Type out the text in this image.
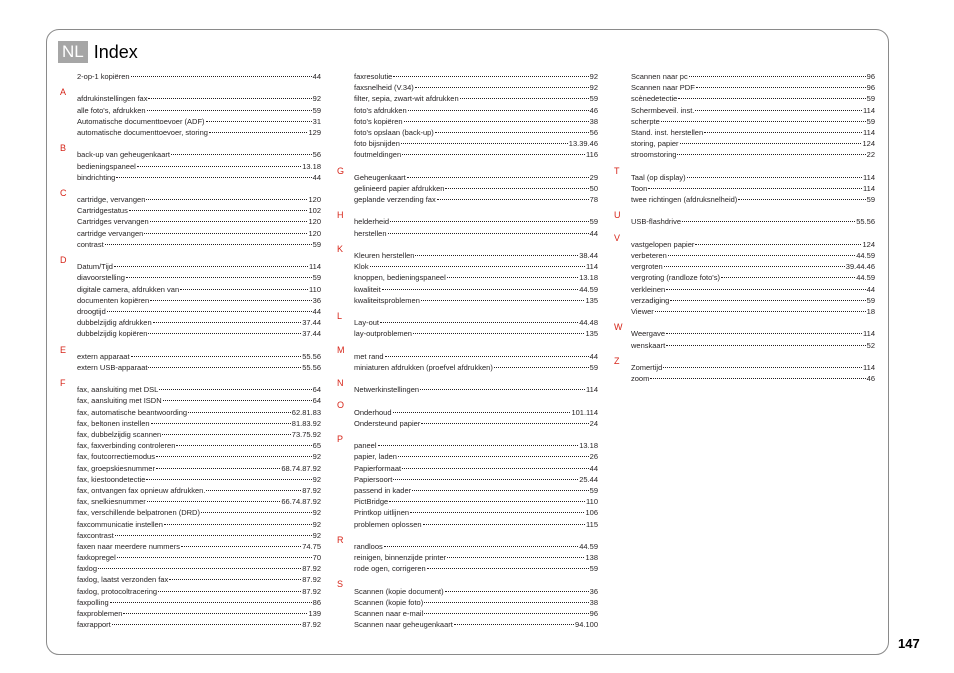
NL Index
2-op-1 kopiëren	44
A
afdrukinstellingen fax	92
alle foto's, afdrukken	59
Automatische documenttoevoer (ADF)	31
automatische documenttoevoer, storing	129
B
back-up van geheugenkaart	56
bedieningspaneel	13.18
bindrichting	44
C
cartridge, vervangen	120
Cartridgestatus	102
Cartridges vervangen	120
cartridge vervangen	120
contrast	59
D
Datum/Tijd	114
diavoorstelling	59
digitale camera, afdrukken van	110
documenten kopiëren	36
droogtijd	44
dubbelzijdig afdrukken	37.44
dubbelzijdig kopiëren	37.44
E
extern apparaat	55.56
extern USB-apparaat	55.56
F
fax, aansluiting met DSL	64
fax, aansluiting met ISDN	64
fax, automatische beantwoording	62.81.83
fax, beltonen instellen	81.83.92
fax, dubbelzijdig scannen	73.75.92
fax, faxverbinding controleren	65
fax, foutcorrectiemodus	92
fax, groepskiesnummer	68.74.87.92
fax, kiestoondetectie	92
fax, ontvangen fax opnieuw afdrukken.	87.92
fax, snelkiesnummer	66.74.87.92
fax, verschillende belpatronen (DRD)	92
faxcommunicatie instellen	92
faxcontrast	92
faxen naar meerdere nummers	74.75
faxkopregel	70
faxlog	87.92
faxlog, laatst verzonden fax	87.92
faxlog, protocoltracering	87.92
faxpolling	86
faxproblemen	139
faxrapport	87.92
faxresolutie	92
faxsnelheid (V.34)	92
filter, sepia, zwart-wit afdrukken	59
foto's afdrukken	46
foto's kopiëren	38
foto's opslaan (back-up)	56
foto bijsnijden	13.39.46
foutmeldingen	116
G
Geheugenkaart	29
gelinieerd papier afdrukken	50
geplande verzending fax	78
H
helderheid	59
herstellen	44
K
Kleuren herstellen	38.44
Klok	114
knoppen, bedieningspaneel	13.18
kwaliteit	44.59
kwaliteitsproblemen	135
L
Lay-out	44.48
lay-outproblemen	135
M
met rand	44
miniaturen afdrukken (proefvel afdrukken)	59
N
Netwerkinstellingen	114
O
Onderhoud	101.114
Ondersteund papier	24
P
paneel	13.18
papier, laden	26
Papierformaat	44
Papiersoort	25.44
passend in kader	59
PictBridge	110
Printkop uitlijnen	106
problemen oplossen	115
R
randloos	44.59
reinigen, binnenzijde printer	138
rode ogen, corrigeren	59
S
Scannen (kopie document)	36
Scannen (kopie foto)	38
Scannen naar e-mail	96
Scannen naar geheugenkaart	94.100
Scannen naar pc	96
Scannen naar PDF	96
scènedetectie	59
Schermbeveil. inst.	114
scherpte	59
Stand. inst. herstellen	114
storing, papier	124
stroomstoring	22
T
Taal (op display)	114
Toon	114
twee richtingen (afdruksnelheid)	59
U
USB-flashdrive	55.56
V
vastgelopen papier	124
verbeteren	44.59
vergroten	39.44.46
vergroting (randloze foto's)	44.59
verkleinen	44
verzadiging	59
Viewer	18
W
Weergave	114
wenskaart	52
Z
Zomertijd	114
zoom	46
147
